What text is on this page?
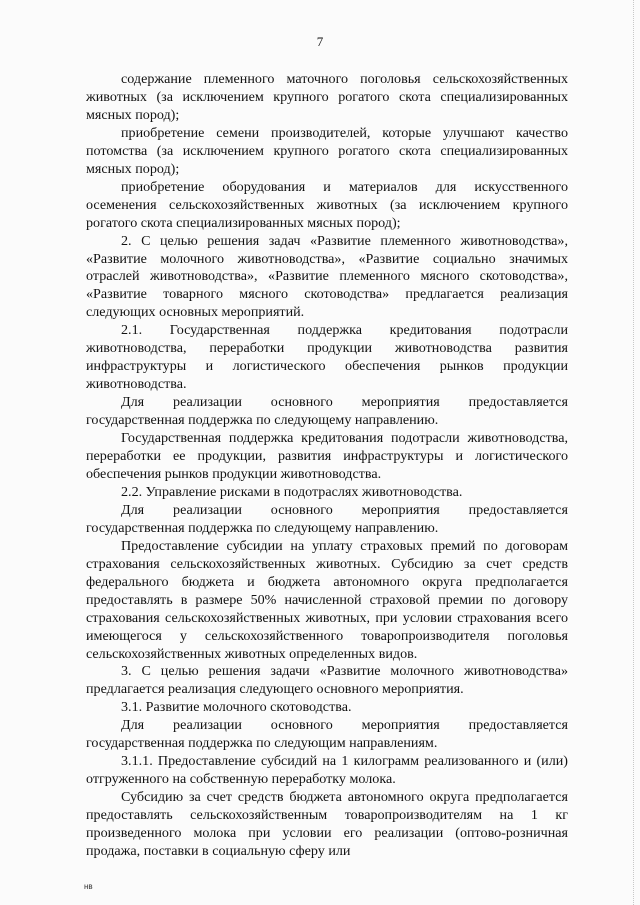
7

содержание племенного маточного поголовья сельскохозяйственных животных (за исключением крупного рогатого скота специализированных мясных пород);

приобретение семени производителей, которые улучшают качество потомства (за исключением крупного рогатого скота специализированных мясных пород);

приобретение оборудования и материалов для искусственного осеменения сельскохозяйственных животных (за исключением крупного рогатого скота специализированных мясных пород);

2. С целью решения задач «Развитие племенного животноводства», «Развитие молочного животноводства», «Развитие социально значимых отраслей животноводства», «Развитие племенного мясного скотоводства», «Развитие товарного мясного скотоводства» предлагается реализация следующих основных мероприятий.

2.1. Государственная поддержка кредитования подотрасли животноводства, переработки продукции животноводства развития инфраструктуры и логистического обеспечения рынков продукции животноводства.

Для реализации основного мероприятия предоставляется государственная поддержка по следующему направлению.

Государственная поддержка кредитования подотрасли животноводства, переработки ее продукции, развития инфраструктуры и логистического обеспечения рынков продукции животноводства.

2.2. Управление рисками в подотраслях животноводства.

Для реализации основного мероприятия предоставляется государственная поддержка по следующему направлению.

Предоставление субсидии на уплату страховых премий по договорам страхования сельскохозяйственных животных. Субсидию за счет средств федерального бюджета и бюджета автономного округа предполагается предоставлять в размере 50% начисленной страховой премии по договору страхования сельскохозяйственных животных, при условии страхования всего имеющегося у сельскохозяйственного товаропроизводителя поголовья сельскохозяйственных животных определенных видов.

3. С целью решения задачи «Развитие молочного животноводства» предлагается реализация следующего основного мероприятия.

3.1. Развитие молочного скотоводства.

Для реализации основного мероприятия предоставляется государственная поддержка по следующим направлениям.

3.1.1. Предоставление субсидий на 1 килограмм реализованного и (или) отгруженного на собственную переработку молока.

Субсидию за счет средств бюджета автономного округа предполагается предоставлять сельскохозяйственным товаропроизводителям на 1 кг произведенного молока при условии его реализации (оптово-розничная продажа, поставки в социальную сферу или

нв
